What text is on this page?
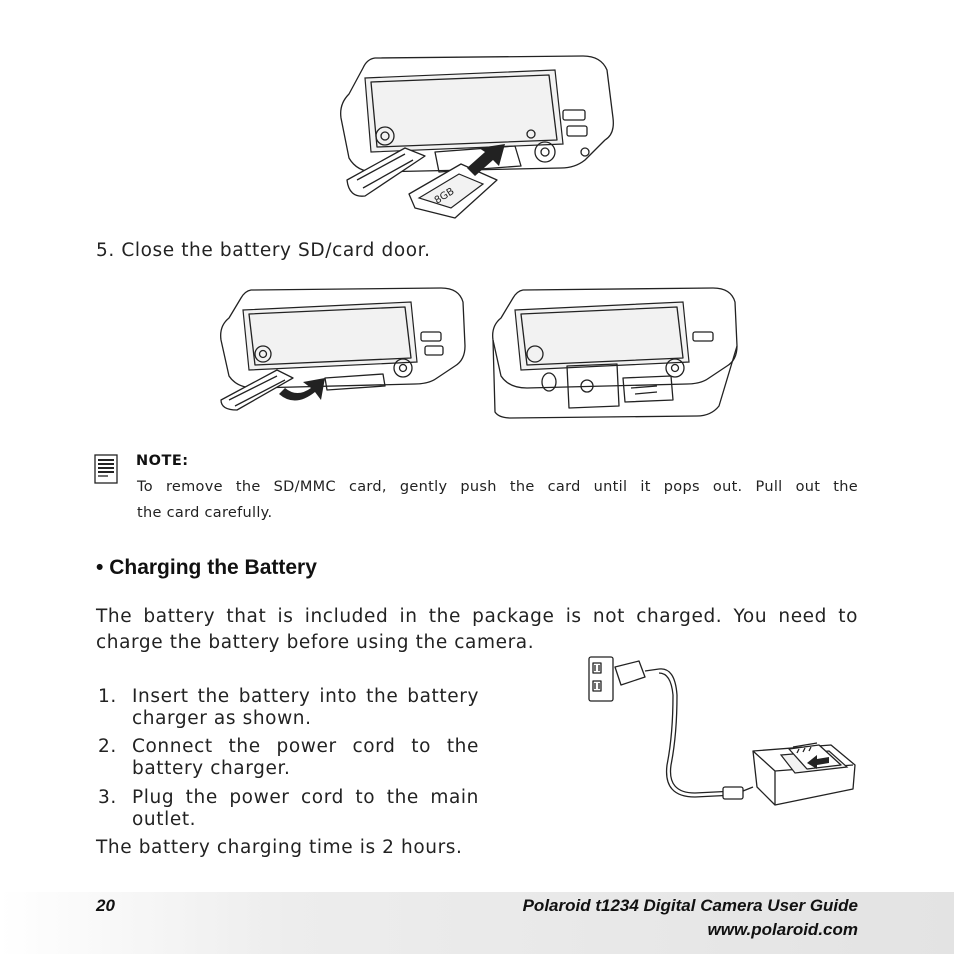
8GB
5. Close the battery SD/card door.
NOTE:
To remove the SD/MMC card, gently push the card until it pops out. Pull out the
the card carefully.
• Charging the Battery
The battery that is included in the package is not charged. You need to
charge the battery before using the camera.
1. Insert the battery into the battery
charger as shown.
2. Connect the power cord to the
battery charger.
3. Plug the power cord to the main
outlet.
The battery charging time is 2 hours.
20	Polaroid t1234 Digital Camera User Guide
www.polaroid.com
